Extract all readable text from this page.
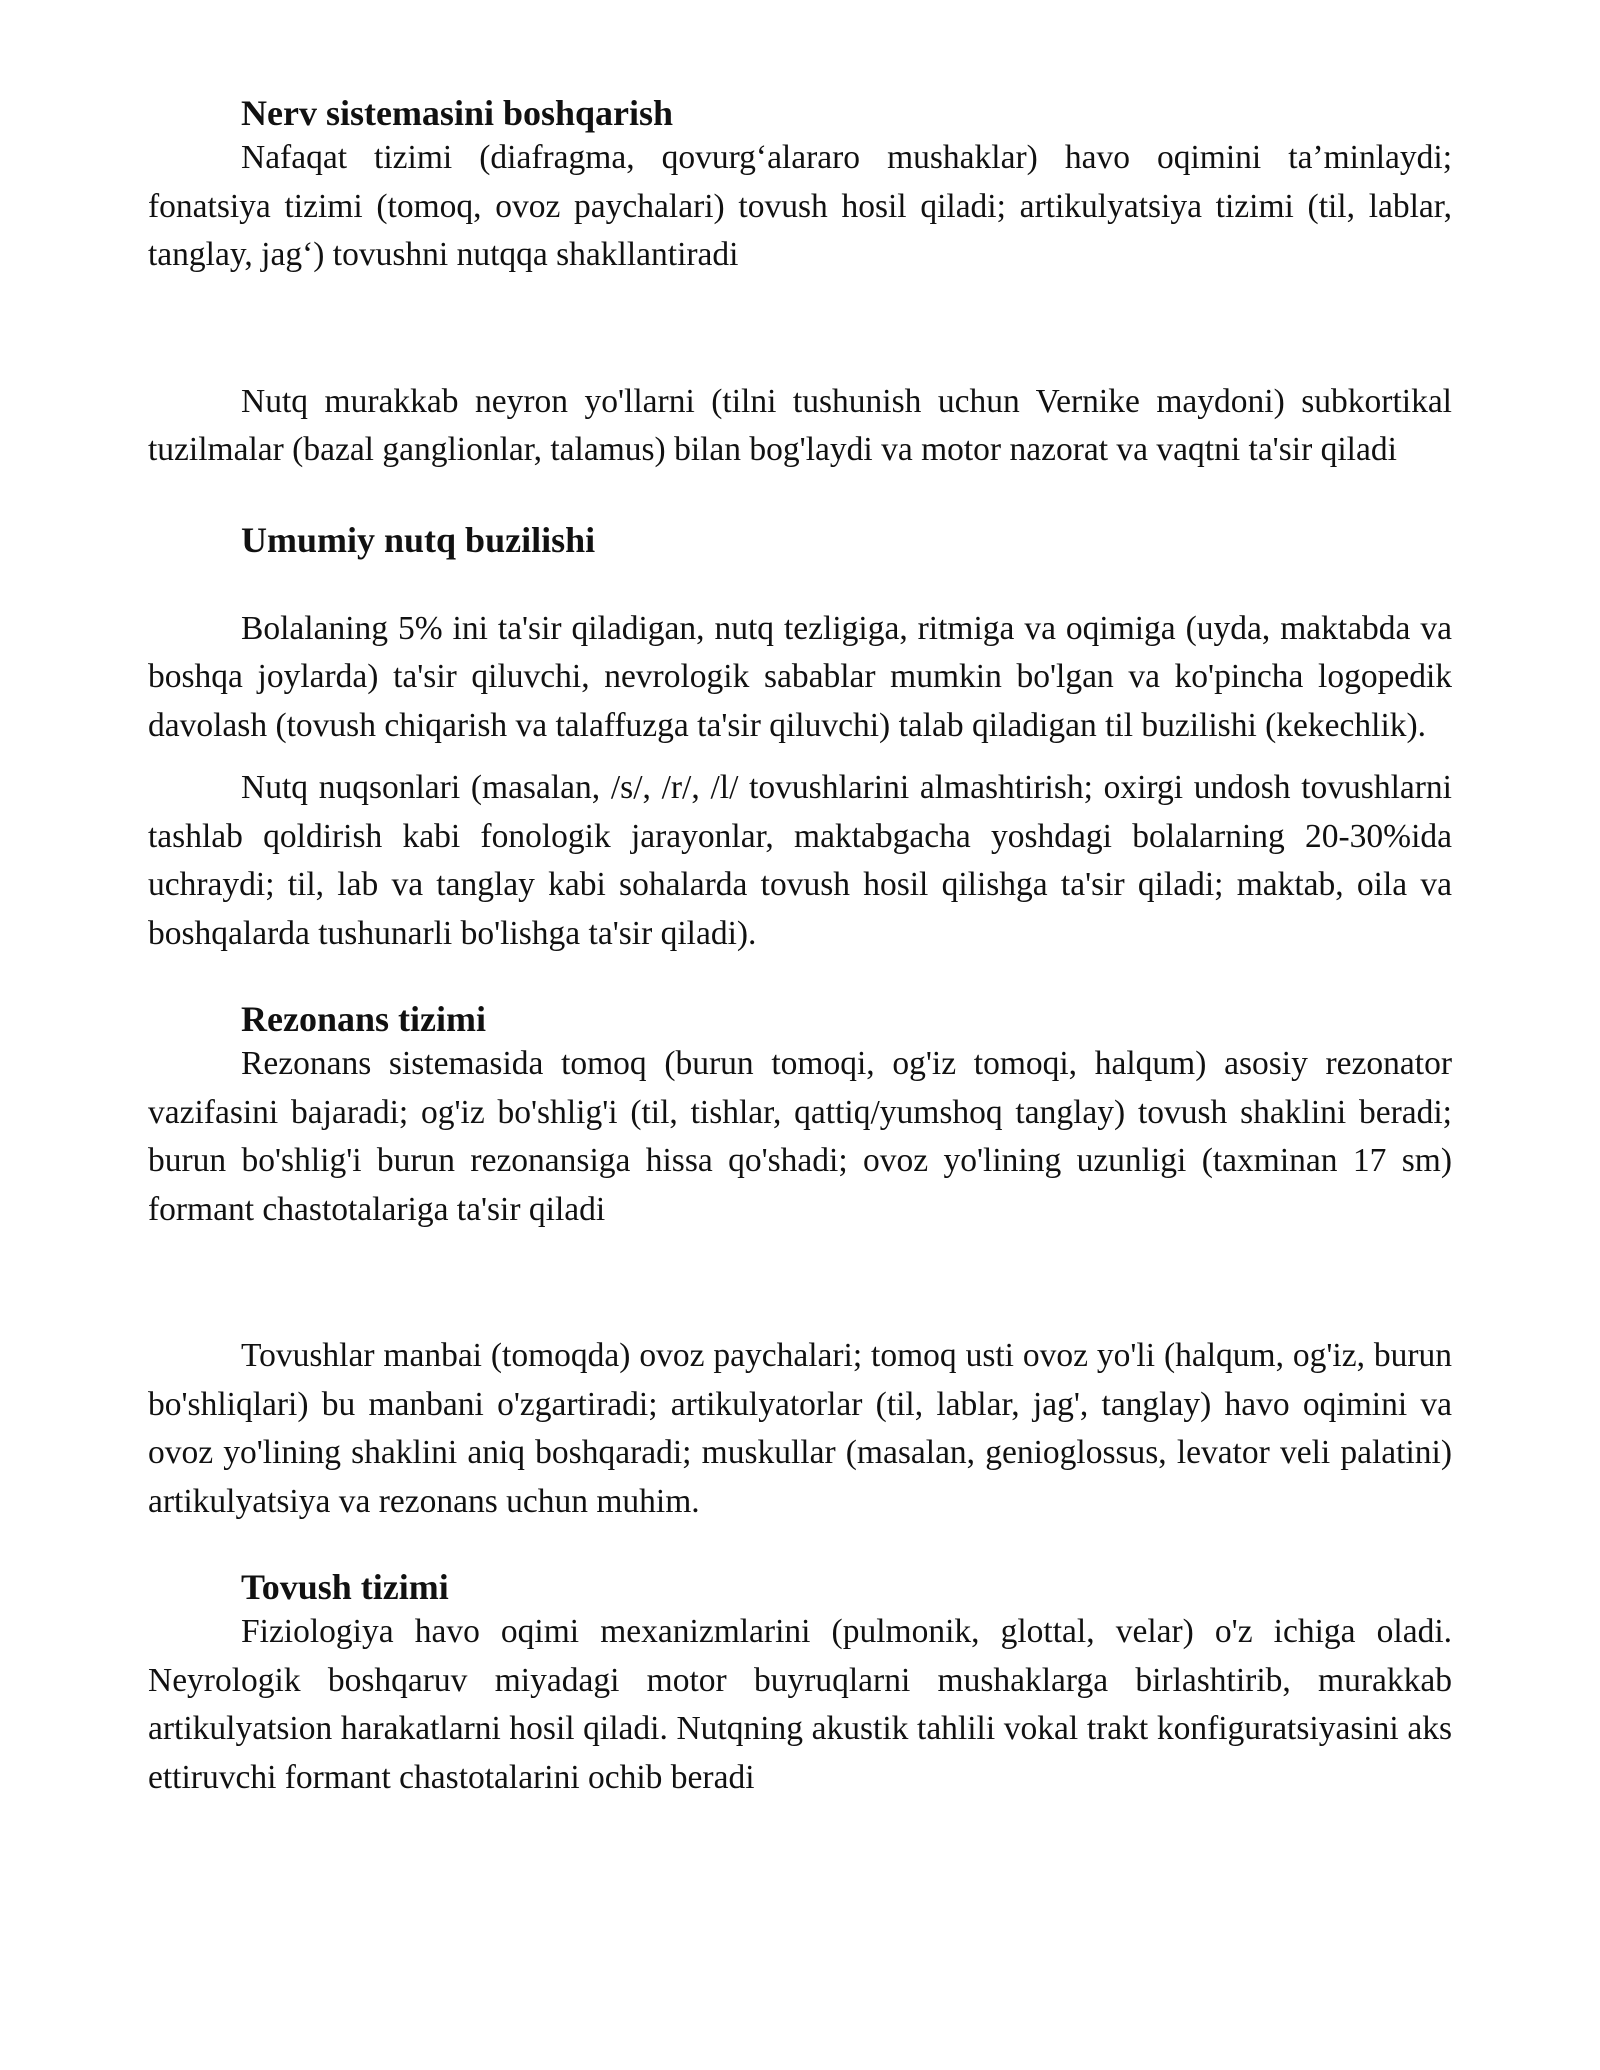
Nerv sistemasini boshqarish

Nafaqat tizimi (diafragma, qovurg‘alararo mushaklar) havo oqimini ta’minlaydi; fonatsiya tizimi (tomoq, ovoz paychalari) tovush hosil qiladi; artikulyatsiya tizimi (til, lablar, tanglay, jag‘) tovushni nutqqa shakllantiradi

Nutq murakkab neyron yo'llarni (tilni tushunish uchun Vernike maydoni) subkortikal tuzilmalar (bazal ganglionlar, talamus) bilan bog'laydi va motor nazorat va vaqtni ta'sir qiladi

Umumiy nutq buzilishi

Bolalaning 5% ini ta'sir qiladigan, nutq tezligiga, ritmiga va oqimiga (uyda, maktabda va boshqa joylarda) ta'sir qiluvchi, nevrologik sabablar mumkin bo'lgan va ko'pincha logopedik davolash (tovush chiqarish va talaffuzga ta'sir qiluvchi) talab qiladigan til buzilishi (kekechlik).

Nutq nuqsonlari (masalan, /s/, /r/, /l/ tovushlarini almashtirish; oxirgi undosh tovushlarni tashlab qoldirish kabi fonologik jarayonlar, maktabgacha yoshdagi bolalarning 20-30%ida uchraydi; til, lab va tanglay kabi sohalarda tovush hosil qilishga ta'sir qiladi; maktab, oila va boshqalarda tushunarli bo'lishga ta'sir qiladi).

Rezonans tizimi

Rezonans sistemasida tomoq (burun tomoqi, og'iz tomoqi, halqum) asosiy rezonator vazifasini bajaradi; og'iz bo'shlig'i (til, tishlar, qattiq/yumshoq tanglay) tovush shaklini beradi; burun bo'shlig'i burun rezonansiga hissa qo'shadi; ovoz yo'lining uzunligi (taxminan 17 sm) formant chastotalariga ta'sir qiladi

Tovushlar manbai (tomoqda) ovoz paychalari; tomoq usti ovoz yo'li (halqum, og'iz, burun bo'shliqlari) bu manbani o'zgartiradi; artikulyatorlar (til, lablar, jag', tanglay) havo oqimini va ovoz yo'lining shaklini aniq boshqaradi; muskullar (masalan, genioglossus, levator veli palatini) artikulyatsiya va rezonans uchun muhim.

Tovush tizimi

Fiziologiya havo oqimi mexanizmlarini (pulmonik, glottal, velar) o'z ichiga oladi. Neyrologik boshqaruv miyadagi motor buyruqlarni mushaklarga birlashtirib, murakkab artikulyatsion harakatlarni hosil qiladi. Nutqning akustik tahlili vokal trakt konfiguratsiyasini aks ettiruvchi formant chastotalarini ochib beradi
